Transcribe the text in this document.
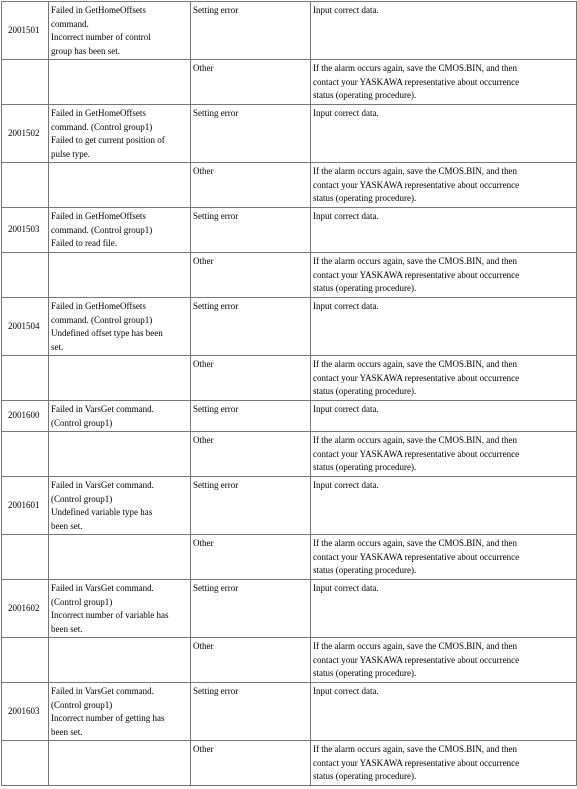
2001501	Failed in GetHomeOffsets
command.
Incorrect number of control
group has been set.	Setting error	Input correct data.

		Other	If the alarm occurs again, save the CMOS.BIN, and then
contact your YASKAWA representative about occurrence
status (operating procedure).

2001502	Failed in GetHomeOffsets
command. (Control group1)
Failed to get current position of
pulse type.	Setting error	Input correct data.

		Other	If the alarm occurs again, save the CMOS.BIN, and then
contact your YASKAWA representative about occurrence
status (operating procedure).

2001503	Failed in GetHomeOffsets
command. (Control group1)
Failed to read file.	Setting error	Input correct data.

		Other	If the alarm occurs again, save the CMOS.BIN, and then
contact your YASKAWA representative about occurrence
status (operating procedure).

2001504	Failed in GetHomeOffsets
command. (Control group1)
Undefined offset type has been
set.	Setting error	Input correct data.

		Other	If the alarm occurs again, save the CMOS.BIN, and then
contact your YASKAWA representative about occurrence
status (operating procedure).

2001600	Failed in VarsGet command.
(Control group1)	Setting error	Input correct data.

		Other	If the alarm occurs again, save the CMOS.BIN, and then
contact your YASKAWA representative about occurrence
status (operating procedure).

2001601	Failed in VarsGet command.
(Control group1)
Undefined variable type has
been set.	Setting error	Input correct data.

		Other	If the alarm occurs again, save the CMOS.BIN, and then
contact your YASKAWA representative about occurrence
status (operating procedure).

2001602	Failed in VarsGet command.
(Control group1)
Incorrect number of variable has
been set.	Setting error	Input correct data.

		Other	If the alarm occurs again, save the CMOS.BIN, and then
contact your YASKAWA representative about occurrence
status (operating procedure).

2001603	Failed in VarsGet command.
(Control group1)
Incorrect number of getting has
been set.	Setting error	Input correct data.

		Other	If the alarm occurs again, save the CMOS.BIN, and then
contact your YASKAWA representative about occurrence
status (operating procedure).
